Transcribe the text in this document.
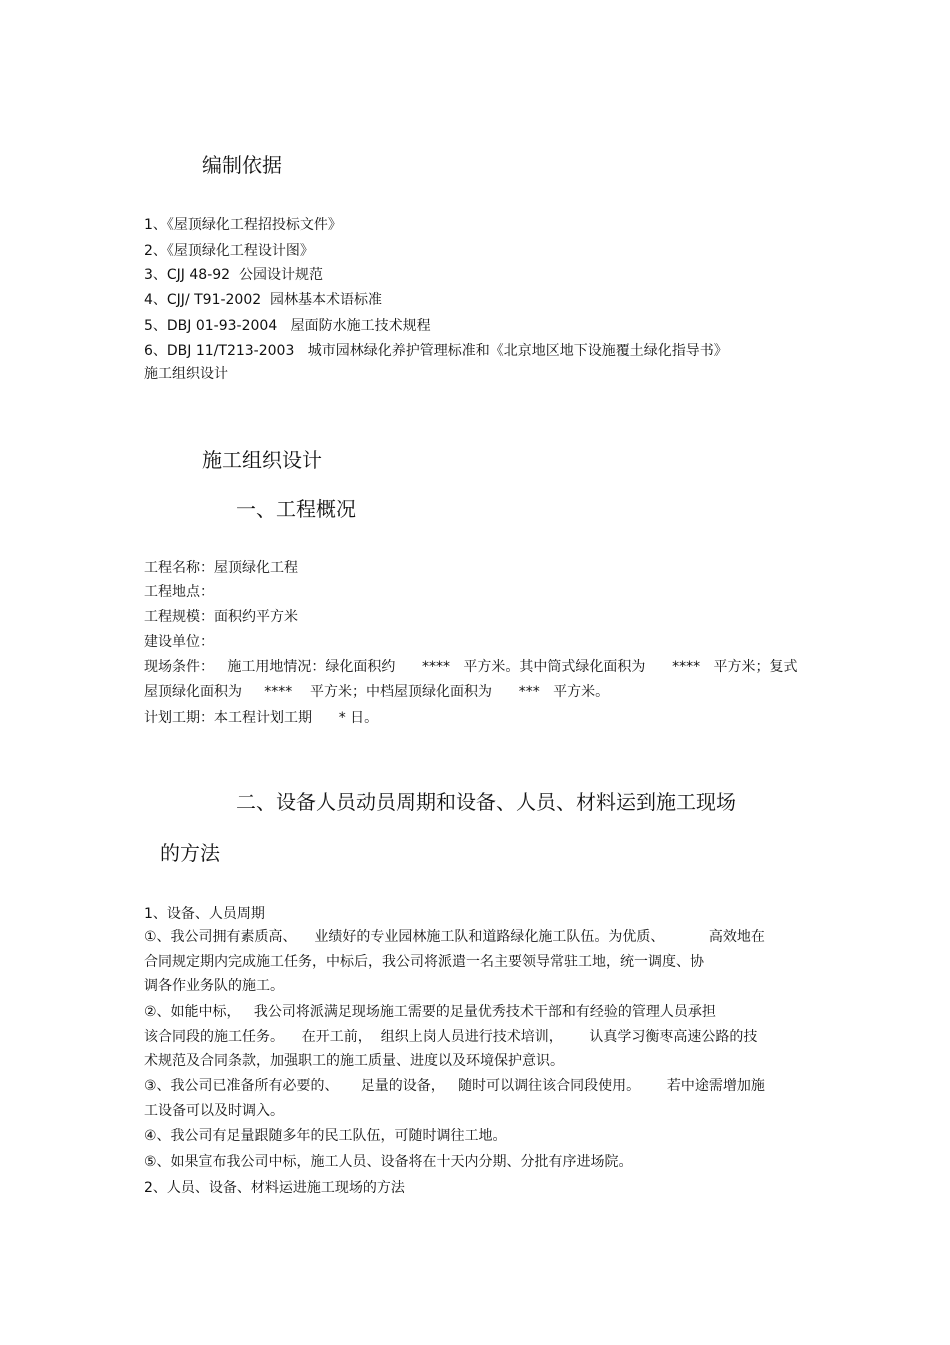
编制依据
1、《屋顶绿化工程招投标文件》
2、《屋顶绿化工程设计图》
3、CJJ 48-92  公园设计规范
4、CJJ/ T91-2002  园林基本术语标准
5、DBJ 01-93-2004   屋面防水施工技术规程
6、DBJ 11/T213-2003   城市园林绿化养护管理标准和《北京地区地下设施覆土绿化指导书》
施工组织设计
施工组织设计
一、工程概况
工程名称：屋顶绿化工程
工程地点：
工程规模：面积约平方米
建设单位：
现场条件：   施工用地情况：绿化面积约      ****   平方米。其中筒式绿化面积为      ****   平方米；复式
屋顶绿化面积为     ****    平方米；中档屋顶绿化面积为      ***   平方米。
计划工期：本工程计划工期      * 日。
二、设备人员动员周期和设备、人员、材料运到施工现场
的方法
1、设备、人员周期
①、我公司拥有素质高、    业绩好的专业园林施工队和道路绿化施工队伍。为优质、          高效地在
合同规定期内完成施工任务，中标后，我公司将派遣一名主要领导常驻工地，统一调度、协
调各作业务队的施工。
②、如能中标，   我公司将派满足现场施工需要的足量优秀技术干部和有经验的管理人员承担
该合同段的施工任务。    在开工前，  组织上岗人员进行技术培训，      认真学习衡枣高速公路的技
术规范及合同条款，加强职工的施工质量、进度以及环境保护意识。
③、我公司已准备所有必要的、     足量的设备，   随时可以调往该合同段使用。      若中途需增加施
工设备可以及时调入。
④、我公司有足量跟随多年的民工队伍，可随时调往工地。
⑤、如果宣布我公司中标，施工人员、设备将在十天内分期、分批有序进场院。
2、人员、设备、材料运进施工现场的方法
